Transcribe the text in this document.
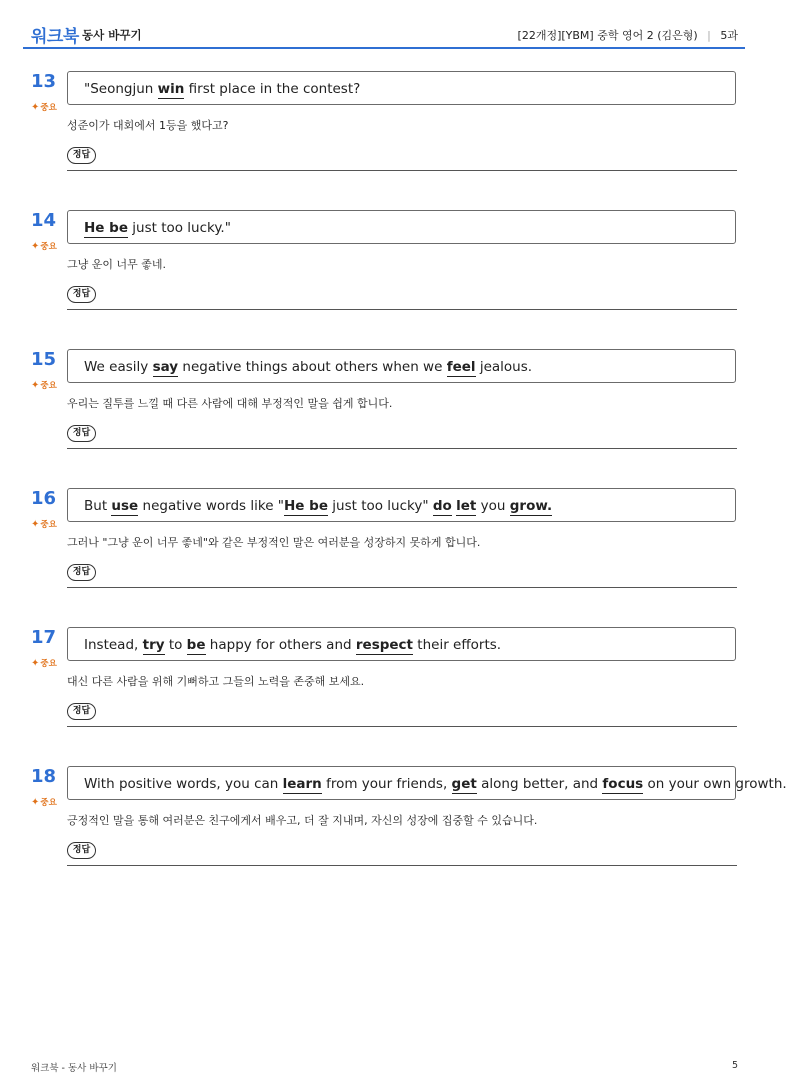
워크북 동사 바꾸기	[22개정][YBM] 중학 영어 2 (김은형) | 5과
13
✦ 중요
"Seongjun win first place in the contest?
성준이가 대회에서 1등을 했다고?
정답
14
✦ 중요
He be just too lucky."
그냥 운이 너무 좋네.
정답
15
✦ 중요
We easily say negative things about others when we feel jealous.
우리는 질투를 느낄 때 다른 사람에 대해 부정적인 말을 쉽게 합니다.
정답
16
✦ 중요
But use negative words like "He be just too lucky" do let you grow.
그러나 "그냥 운이 너무 좋네"와 같은 부정적인 말은 여러분을 성장하지 못하게 합니다.
정답
17
✦ 중요
Instead, try to be happy for others and respect their efforts.
대신 다른 사람을 위해 기뻐하고 그들의 노력을 존중해 보세요.
정답
18
✦ 중요
With positive words, you can learn from your friends, get along better, and focus on your own growth.
긍정적인 말을 통해 여러분은 친구에게서 배우고, 더 잘 지내며, 자신의 성장에 집중할 수 있습니다.
정답
워크북 - 동사 바꾸기	5
